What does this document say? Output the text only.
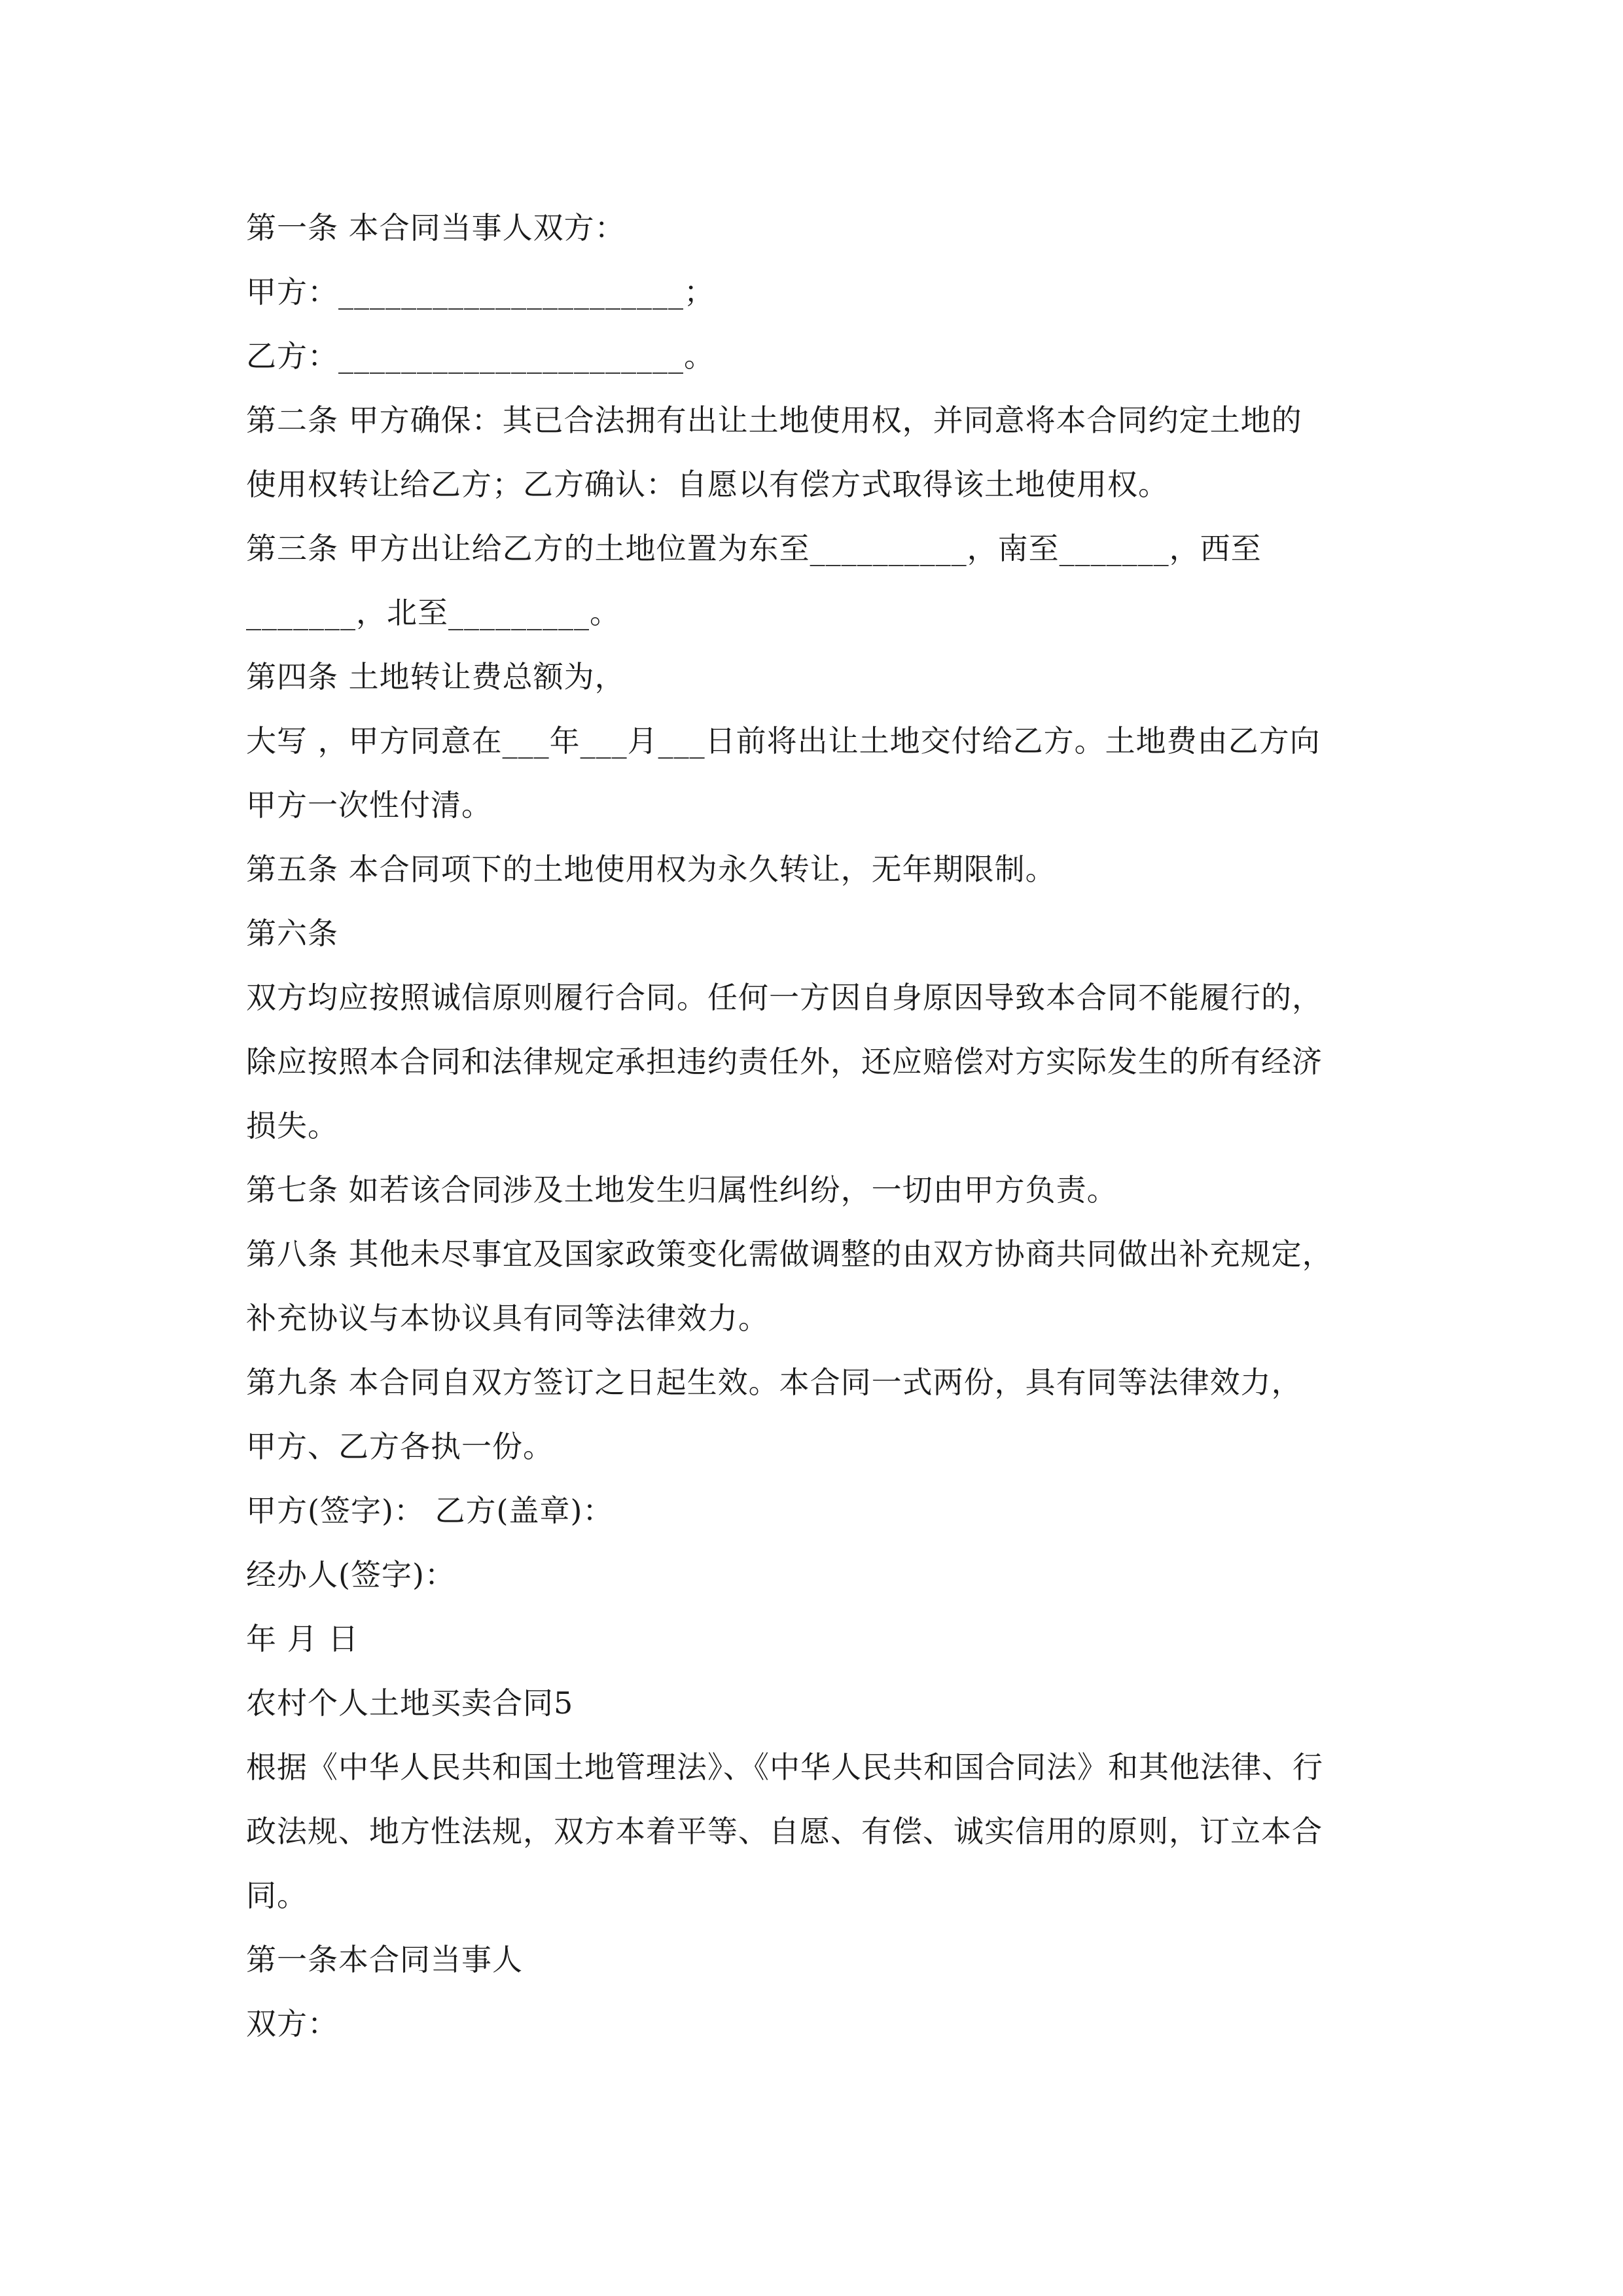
第一条 本合同当事人双方：
甲方：______________________；
乙方：______________________。
第二条 甲方确保：其已合法拥有出让土地使用权，并同意将本合同约定土地的
使用权转让给乙方；乙方确认：自愿以有偿方式取得该土地使用权。
第三条 甲方出让给乙方的土地位置为东至__________，南至_______，西至
_______，北至_________。
第四条 土地转让费总额为，
大写 ，甲方同意在___年___月___日前将出让土地交付给乙方。土地费由乙方向
甲方一次性付清。
第五条 本合同项下的土地使用权为永久转让，无年期限制。
第六条
双方均应按照诚信原则履行合同。任何一方因自身原因导致本合同不能履行的，
除应按照本合同和法律规定承担违约责任外，还应赔偿对方实际发生的所有经济
损失。
第七条 如若该合同涉及土地发生归属性纠纷，一切由甲方负责。
第八条 其他未尽事宜及国家政策变化需做调整的由双方协商共同做出补充规定，
补充协议与本协议具有同等法律效力。
第九条 本合同自双方签订之日起生效。本合同一式两份，具有同等法律效力，
甲方、乙方各执一份。
甲方(签字)： 乙方(盖章)：
经办人(签字)：
年 月 日
农村个人土地买卖合同5
根据《中华人民共和国土地管理法》、《中华人民共和国合同法》和其他法律、行
政法规、地方性法规，双方本着平等、自愿、有偿、诚实信用的原则，订立本合
同。
第一条本合同当事人
双方：
